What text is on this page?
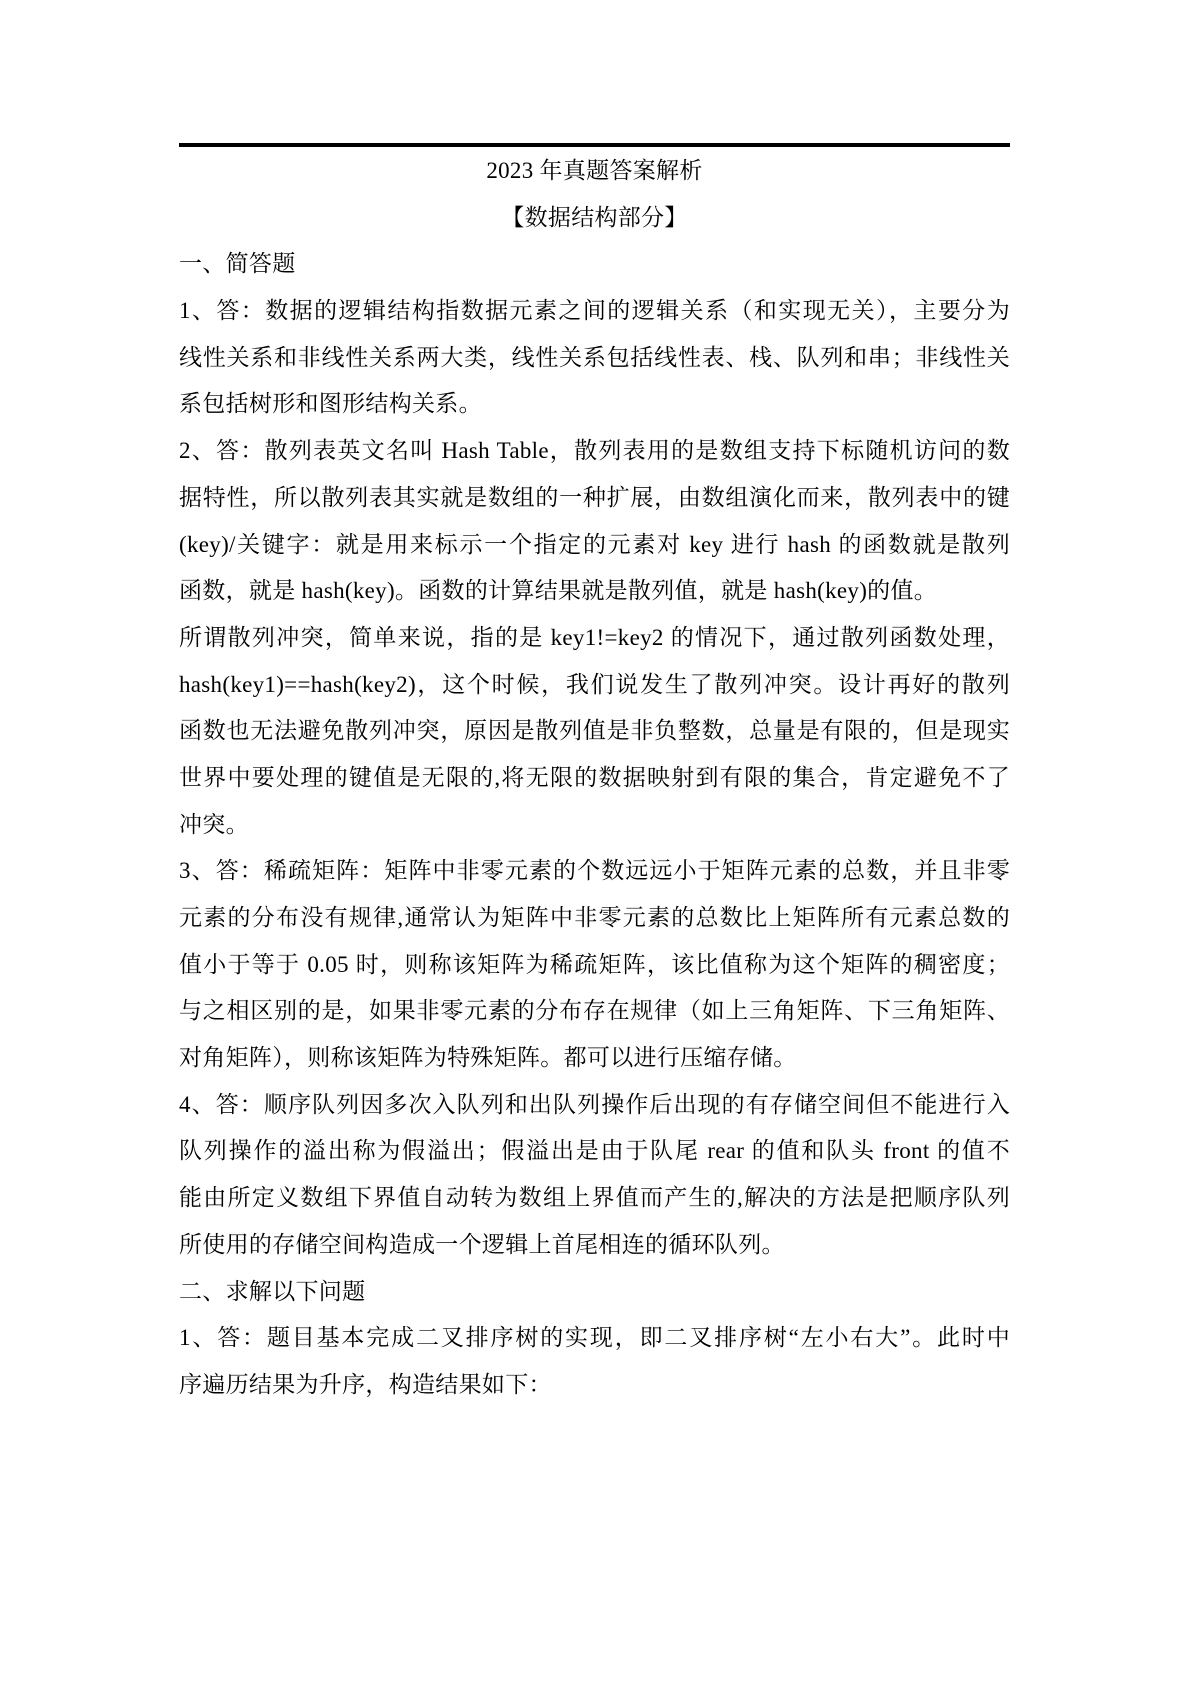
2023 年真题答案解析
【数据结构部分】
一、简答题
1、答：数据的逻辑结构指数据元素之间的逻辑关系（和实现无关），主要分为
线性关系和非线性关系两大类，线性关系包括线性表、栈、队列和串；非线性关
系包括树形和图形结构关系。
2、答：散列表英文名叫 Hash Table，散列表用的是数组支持下标随机访问的数
据特性，所以散列表其实就是数组的一种扩展，由数组演化而来，散列表中的键
(key)/关键字：就是用来标示一个指定的元素对 key 进行 hash 的函数就是散列
函数，就是 hash(key)。函数的计算结果就是散列值，就是 hash(key)的值。
所谓散列冲突，简单来说，指的是 key1!=key2 的情况下，通过散列函数处理，
hash(key1)==hash(key2)，这个时候，我们说发生了散列冲突。设计再好的散列
函数也无法避免散列冲突，原因是散列值是非负整数，总量是有限的，但是现实
世界中要处理的键值是无限的,将无限的数据映射到有限的集合，肯定避免不了
冲突。
3、答：稀疏矩阵：矩阵中非零元素的个数远远小于矩阵元素的总数，并且非零
元素的分布没有规律,通常认为矩阵中非零元素的总数比上矩阵所有元素总数的
值小于等于 0.05 时，则称该矩阵为稀疏矩阵，该比值称为这个矩阵的稠密度；
与之相区别的是，如果非零元素的分布存在规律（如上三角矩阵、下三角矩阵、
对角矩阵），则称该矩阵为特殊矩阵。都可以进行压缩存储。
4、答：顺序队列因多次入队列和出队列操作后出现的有存储空间但不能进行入
队列操作的溢出称为假溢出；假溢出是由于队尾 rear 的值和队头 front 的值不
能由所定义数组下界值自动转为数组上界值而产生的,解决的方法是把顺序队列
所使用的存储空间构造成一个逻辑上首尾相连的循环队列。
二、求解以下问题
1、答：题目基本完成二叉排序树的实现，即二叉排序树“左小右大”。此时中
序遍历结果为升序，构造结果如下：
